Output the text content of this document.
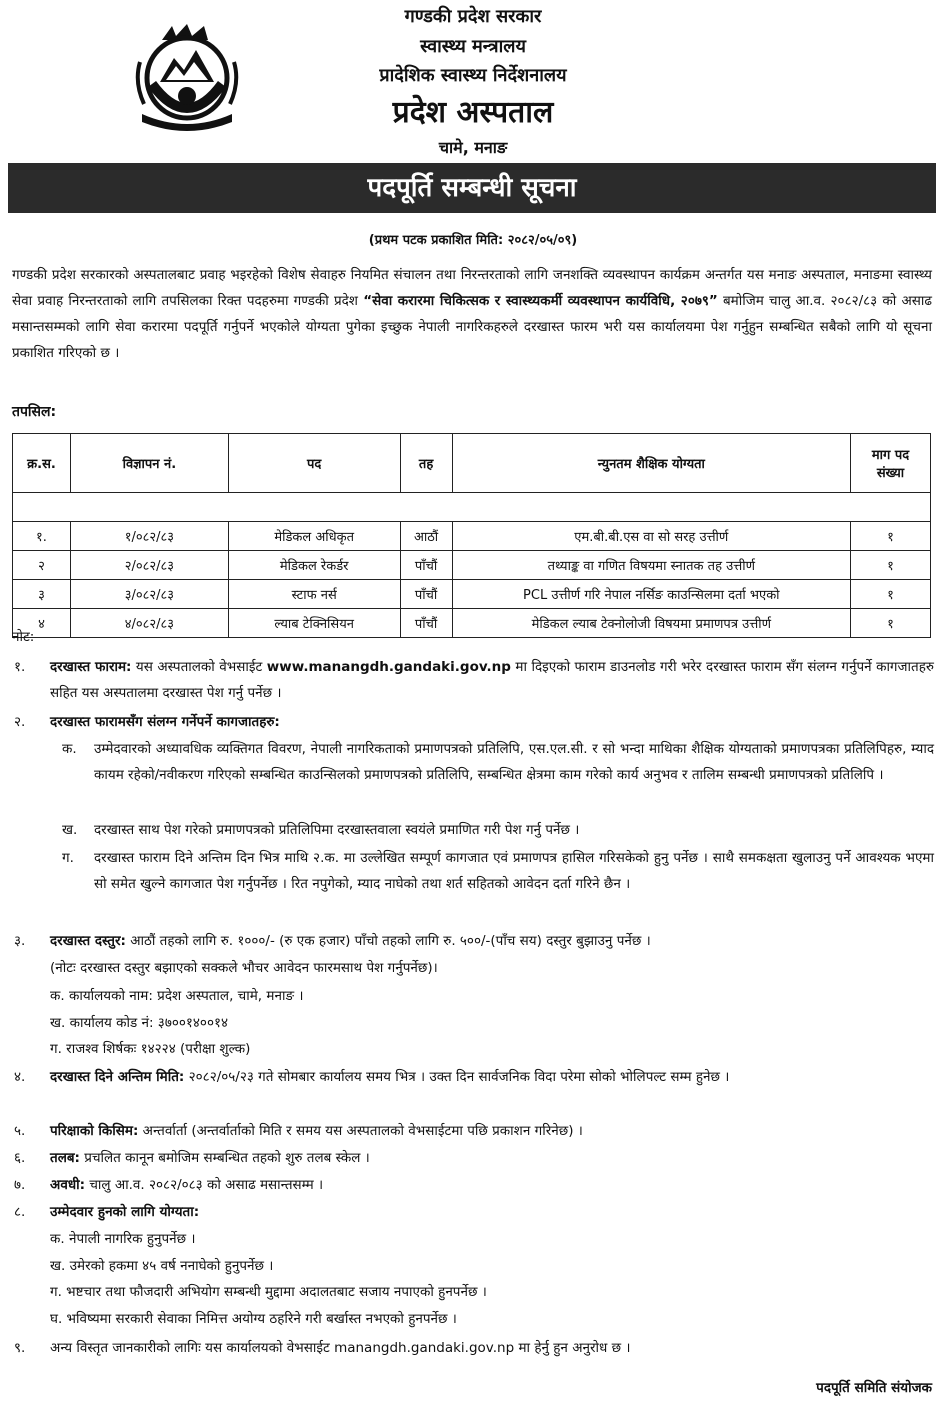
गण्डकी प्रदेश सरकार
स्वास्थ्य मन्त्रालय
प्रादेशिक स्वास्थ्य निर्देशनालय
प्रदेश अस्पताल
चामे, मनाङ
पदपूर्ति सम्बन्धी सूचना
(प्रथम पटक प्रकाशित मिति: २०८२/०५/०९)
गण्डकी प्रदेश सरकारको अस्पतालबाट प्रवाह भइरहेको विशेष सेवाहरु नियमित संचालन तथा निरन्तरताको लागि जनशक्ति व्यवस्थापन कार्यक्रम अन्तर्गत यस मनाङ अस्पताल, मनाङमा स्वास्थ्य सेवा प्रवाह निरन्तरताको लागि तपसिलका रिक्त पदहरुमा गण्डकी प्रदेश “सेवा करारमा चिकित्सक र स्वास्थ्यकर्मी व्यवस्थापन कार्यविधि, २०७९” बमोजिम चालु आ.व. २०८२/८३ को असाढ मसान्तसम्मको लागि सेवा करारमा पदपूर्ति गर्नुपर्ने भएकोले योग्यता पुगेका इच्छुक नेपाली नागरिकहरुले दरखास्त फारम भरी यस कार्यालयमा पेश गर्नुहुन सम्बन्धित सबैको लागि यो सूचना प्रकाशित गरिएको छ ।
तपसिल:
क्र.स.	विज्ञापन नं.	पद	तह	न्युनतम शैक्षिक योग्यता	माग पद
संख्या

१.	१/०८२/८३	मेडिकल अधिकृत	आठौं	एम.बी.बी.एस वा सो सरह उत्तीर्ण	१
२	२/०८२/८३	मेडिकल रेकर्डर	पाँचौं	तथ्याङ्क वा गणित विषयमा स्नातक तह उत्तीर्ण	१
३	३/०८२/८३	स्टाफ नर्स	पाँचौं	PCL उत्तीर्ण गरि नेपाल नर्सिङ काउन्सिलमा दर्ता भएको	१
४	४/०८२/८३	ल्याब टेक्निसियन	पाँचौं	मेडिकल ल्याब टेक्नोलोजी विषयमा प्रमाणपत्र उत्तीर्ण	१
नोट:
१. दरखास्त फाराम: यस अस्पतालको वेभसाईट www.manangdh.gandaki.gov.np मा दिइएको फाराम डाउनलोड गरी भरेर दरखास्त फाराम सँग संलग्न गर्नुपर्ने कागजातहरु सहित यस अस्पतालमा दरखास्त पेश गर्नु पर्नेछ ।
२. दरखास्त फारामसँग संलग्न गर्नेपर्ने कागजातहरु:
क. उम्मेदवारको अध्यावधिक व्यक्तिगत विवरण, नेपाली नागरिकताको प्रमाणपत्रको प्रतिलिपि, एस.एल.सी. र सो भन्दा माथिका शैक्षिक योग्यताको प्रमाणपत्रका प्रतिलिपिहरु, म्याद कायम रहेको/नवीकरण गरिएको सम्बन्धित काउन्सिलको प्रमाणपत्रको प्रतिलिपि, सम्बन्धित क्षेत्रमा काम गरेको कार्य अनुभव र तालिम सम्बन्धी प्रमाणपत्रको प्रतिलिपि ।
ख. दरखास्त साथ पेश गरेको प्रमाणपत्रको प्रतिलिपिमा दरखास्तवाला स्वयंले प्रमाणित गरी पेश गर्नु पर्नेछ ।
ग. दरखास्त फाराम दिने अन्तिम दिन भित्र माथि २.क. मा उल्लेखित सम्पूर्ण कागजात एवं प्रमाणपत्र हासिल गरिसकेको हुनु पर्नेछ । साथै समकक्षता खुलाउनु पर्ने आवश्यक भएमा सो समेत खुल्ने कागजात पेश गर्नुपर्नेछ । रित नपुगेको, म्याद नाघेको तथा शर्त सहितको आवेदन दर्ता गरिने छैन ।
३. दरखास्त दस्तुर: आठौं तहको लागि रु. १०००/- (रु एक हजार) पाँचो तहको लागि रु. ५००/-(पाँच सय) दस्तुर बुझाउनु पर्नेछ ।
(नोटः दरखास्त दस्तुर बझाएको सक्कले भौचर आवेदन फारमसाथ पेश गर्नुपर्नेछ)।
क. कार्यालयको नाम: प्रदेश अस्पताल, चामे, मनाङ ।
ख. कार्यालय कोड नं: ३७००१४००१४
ग. राजश्व शिर्षकः १४२२४ (परीक्षा शुल्क)
४. दरखास्त दिने अन्तिम मिति: २०८२/०५/२३ गते सोमबार कार्यालय समय भित्र । उक्त दिन सार्वजनिक विदा परेमा सोको भोलिपल्ट सम्म हुनेछ ।
५. परिक्षाको किसिम: अन्तर्वार्ता (अन्तर्वार्ताको मिति र समय यस अस्पतालको वेभसाईटमा पछि प्रकाशन गरिनेछ) ।
६. तलब: प्रचलित कानून बमोजिम सम्बन्धित तहको शुरु तलब स्केल ।
७. अवधी: चालु आ.व. २०८२/०८३ को असाढ मसान्तसम्म ।
८. उम्मेदवार हुनको लागि योग्यता:
क. नेपाली नागरिक हुनुपर्नेछ ।
ख. उमेरको हकमा ४५ वर्ष ननाघेको हुनुपर्नेछ ।
ग. भष्टचार तथा फौजदारी अभियोग सम्बन्धी मुद्दामा अदालतबाट सजाय नपाएको हुनपर्नेछ ।
घ. भविष्यमा सरकारी सेवाका निमित्त अयोग्य ठहरिने गरी बर्खास्त नभएको हुनपर्नेछ ।
९. अन्य विस्तृत जानकारीको लागिः यस कार्यालयको वेभसाईट manangdh.gandaki.gov.np मा हेर्नु हुन अनुरोध छ ।
पदपूर्ति समिति संयोजक
